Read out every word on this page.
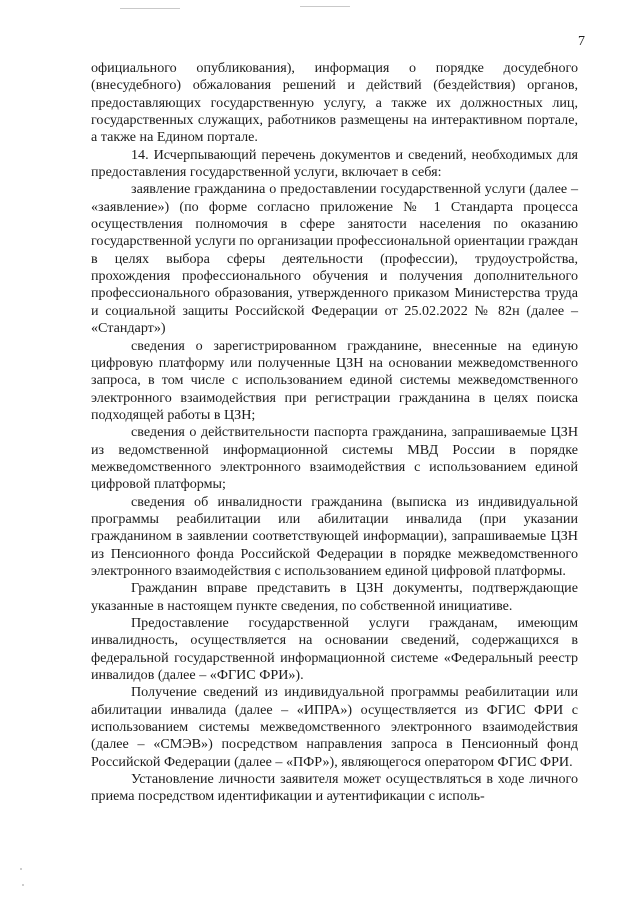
7

официального опубликования), информация о порядке досудебного (внесудебного) обжалования решений и действий (бездействия) органов, предоставляющих государственную услугу, а также их должностных лиц, государственных служащих, работников размещены на интерактивном портале, а также на Едином портале.

14. Исчерпывающий перечень документов и сведений, необходимых для предоставления государственной услуги, включает в себя:

заявление гражданина о предоставлении государственной услуги (далее – «заявление») (по форме согласно приложение № 1 Стандарта процесса осуществления полномочия в сфере занятости населения по оказанию государственной услуги по организации профессиональной ориентации граждан в целях выбора сферы деятельности (профессии), трудоустройства, прохождения профессионального обучения и получения дополнительного профессионального образования, утвержденного приказом Министерства труда и социальной защиты Российской Федерации от 25.02.2022 № 82н (далее – «Стандарт»)

сведения о зарегистрированном гражданине, внесенные на единую цифровую платформу или полученные ЦЗН на основании межведомственного запроса, в том числе с использованием единой системы межведомственного электронного взаимодействия при регистрации гражданина в целях поиска подходящей работы в ЦЗН;

сведения о действительности паспорта гражданина, запрашиваемые ЦЗН из ведомственной информационной системы МВД России в порядке межведомственного электронного взаимодействия с использованием единой цифровой платформы;

сведения об инвалидности гражданина (выписка из индивидуальной программы реабилитации или абилитации инвалида (при указании гражданином в заявлении соответствующей информации), запрашиваемые ЦЗН из Пенсионного фонда Российской Федерации в порядке межведомственного электронного взаимодействия с использованием единой цифровой платформы.

Гражданин вправе представить в ЦЗН документы, подтверждающие указанные в настоящем пункте сведения, по собственной инициативе.

Предоставление государственной услуги гражданам, имеющим инвалидность, осуществляется на основании сведений, содержащихся в федеральной государственной информационной системе «Федеральный реестр инвалидов (далее – «ФГИС ФРИ»).

Получение сведений из индивидуальной программы реабилитации или абилитации инвалида (далее – «ИПРА») осуществляется из ФГИС ФРИ с использованием системы межведомственного электронного взаимодействия (далее – «СМЭВ») посредством направления запроса в Пенсионный фонд Российской Федерации (далее – «ПФР»), являющегося оператором ФГИС ФРИ.

Установление личности заявителя может осуществляться в ходе личного приема посредством идентификации и аутентификации с исполь-
